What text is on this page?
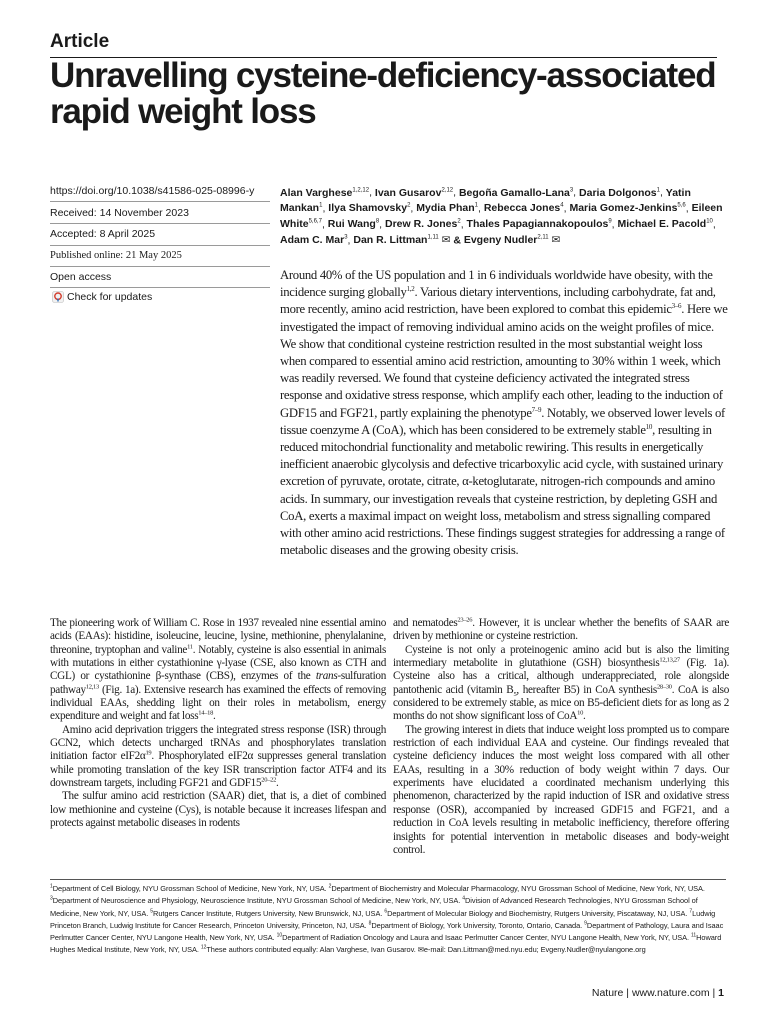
Article
Unravelling cysteine-deficiency-associated rapid weight loss
https://doi.org/10.1038/s41586-025-08996-y
Received: 14 November 2023
Accepted: 8 April 2025
Published online: 21 May 2025
Open access
Check for updates
Alan Varghese$^{1,2,12}$, Ivan Gusarov$^{2,12}$, Begoña Gamallo-Lana$^3$, Daria Dolgonos$^1$, Yatin Mankan$^1$, Ilya Shamovsky$^2$, Mydia Phan$^1$, Rebecca Jones$^4$, Maria Gomez-Jenkins$^{5,6}$, Eileen White$^{5,6,7}$, Rui Wang$^8$, Drew R. Jones$^2$, Thales Papagiannakopoulos$^9$, Michael E. Pacold$^{10}$, Adam C. Mar$^3$, Dan R. Littman$^{1,11}$ ✉ & Evgeny Nudler$^{2,11}$ ✉

Around 40% of the US population and 1 in 6 individuals worldwide have obesity, with the incidence surging globally$^{1,2}$. Various dietary interventions, including carbohydrate, fat and, more recently, amino acid restriction, have been explored to combat this epidemic$^{3-6}$. Here we investigated the impact of removing individual amino acids on the weight profiles of mice. We show that conditional cysteine restriction resulted in the most substantial weight loss when compared to essential amino acid restriction, amounting to 30% within 1 week, which was readily reversed. We found that cysteine deficiency activated the integrated stress response and oxidative stress response, which amplify each other, leading to the induction of GDF15 and FGF21, partly explaining the phenotype$^{7-9}$. Notably, we observed lower levels of tissue coenzyme A (CoA), which has been considered to be extremely stable$^{10}$, resulting in reduced mitochondrial functionality and metabolic rewiring. This results in energetically inefficient anaerobic glycolysis and defective tricarboxylic acid cycle, with sustained urinary excretion of pyruvate, orotate, citrate, α-ketoglutarate, nitrogen-rich compounds and amino acids. In summary, our investigation reveals that cysteine restriction, by depleting GSH and CoA, exerts a maximal impact on weight loss, metabolism and stress signalling compared with other amino acid restrictions. These findings suggest strategies for addressing a range of metabolic diseases and the growing obesity crisis.

The pioneering work of William C. Rose in 1937 revealed nine essential amino acids (EAAs): histidine, isoleucine, leucine, lysine, methionine, phenylalanine, threonine, tryptophan and valine$^{11}$. Notably, cysteine is also essential in animals with mutations in either cystathionine γ-lyase (CSE, also known as CTH and CGL) or cystathionine β-synthase (CBS), enzymes of the trans-sulfuration pathway$^{12,13}$ (Fig. 1a). Extensive research has examined the effects of removing individual EAAs, shedding light on their roles in metabolism, energy expenditure and weight and fat loss$^{14-18}$.

Amino acid deprivation triggers the integrated stress response (ISR) through GCN2, which detects uncharged tRNAs and phosphorylates translation initiation factor $eIF2\alpha^{19}$. Phosphorylated eIF2α suppresses general translation while promoting translation of the key ISR transcription factor ATF4 and its downstream targets, including FGF21 and GDF15$^{20-22}$.

The sulfur amino acid restriction (SAAR) diet, that is, a diet of combined low methionine and cysteine (Cys), is notable because it increases lifespan and protects against metabolic diseases in rodents

and nematodes$^{23-26}$. However, it is unclear whether the benefits of SAAR are driven by methionine or cysteine restriction.

Cysteine is not only a proteinogenic amino acid but is also the limiting intermediary metabolite in glutathione (GSH) biosynthesis$^{12,13,27}$ (Fig. 1a). Cysteine also has a critical, although underappreciated, role alongside pantothenic acid (vitamin $B_5$, hereafter B5) in CoA synthesis$^{28-30}$. CoA is also considered to be extremely stable, as mice on B5-deficient diets for as long as 2 months do not show significant loss of CoA$^{10}$.

The growing interest in diets that induce weight loss prompted us to compare restriction of each individual EAA and cysteine. Our findings revealed that cysteine deficiency induces the most weight loss compared with all other EAAs, resulting in a 30% reduction of body weight within 7 days. Our experiments have elucidated a coordinated mechanism underlying this phenomenon, characterized by the rapid induction of ISR and oxidative stress response (OSR), accompanied by increased GDF15 and FGF21, and a reduction in CoA levels resulting in metabolic inefficiency, therefore offering insights for potential intervention in metabolic diseases and body-weight control.

$^1$Department of Cell Biology, NYU Grossman School of Medicine, New York, NY, USA. $^2$Department of Biochemistry and Molecular Pharmacology, NYU Grossman School of Medicine, New York, NY, USA. $^3$Department of Neuroscience and Physiology, Neuroscience Institute, NYU Grossman School of Medicine, New York, NY, USA. $^4$Division of Advanced Research Technologies, NYU Grossman School of Medicine, New York, NY, USA. $^5$Rutgers Cancer Institute, Rutgers University, New Brunswick, NJ, USA. $^6$Department of Molecular Biology and Biochemistry, Rutgers University, Piscataway, NJ, USA. $^7$Ludwig Princeton Branch, Ludwig Institute for Cancer Research, Princeton University, Princeton, NJ, USA. $^8$Department of Biology, York University, Toronto, Ontario, Canada. $^9$Department of Pathology, Laura and Isaac Perlmutter Cancer Center, NYU Langone Health, New York, NY, USA. $^{10}$Department of Radiation Oncology and Laura and Isaac Perlmutter Cancer Center, NYU Langone Health, New York, NY, USA. $^{11}$Howard Hughes Medical Institute, New York, NY, USA. $^{12}$These authors contributed equally: Alan Varghese, Ivan Gusarov. ✉e-mail: Dan.Littman@med.nyu.edu; Evgeny.Nudler@nyulangone.org

Nature | www.nature.com | 1
